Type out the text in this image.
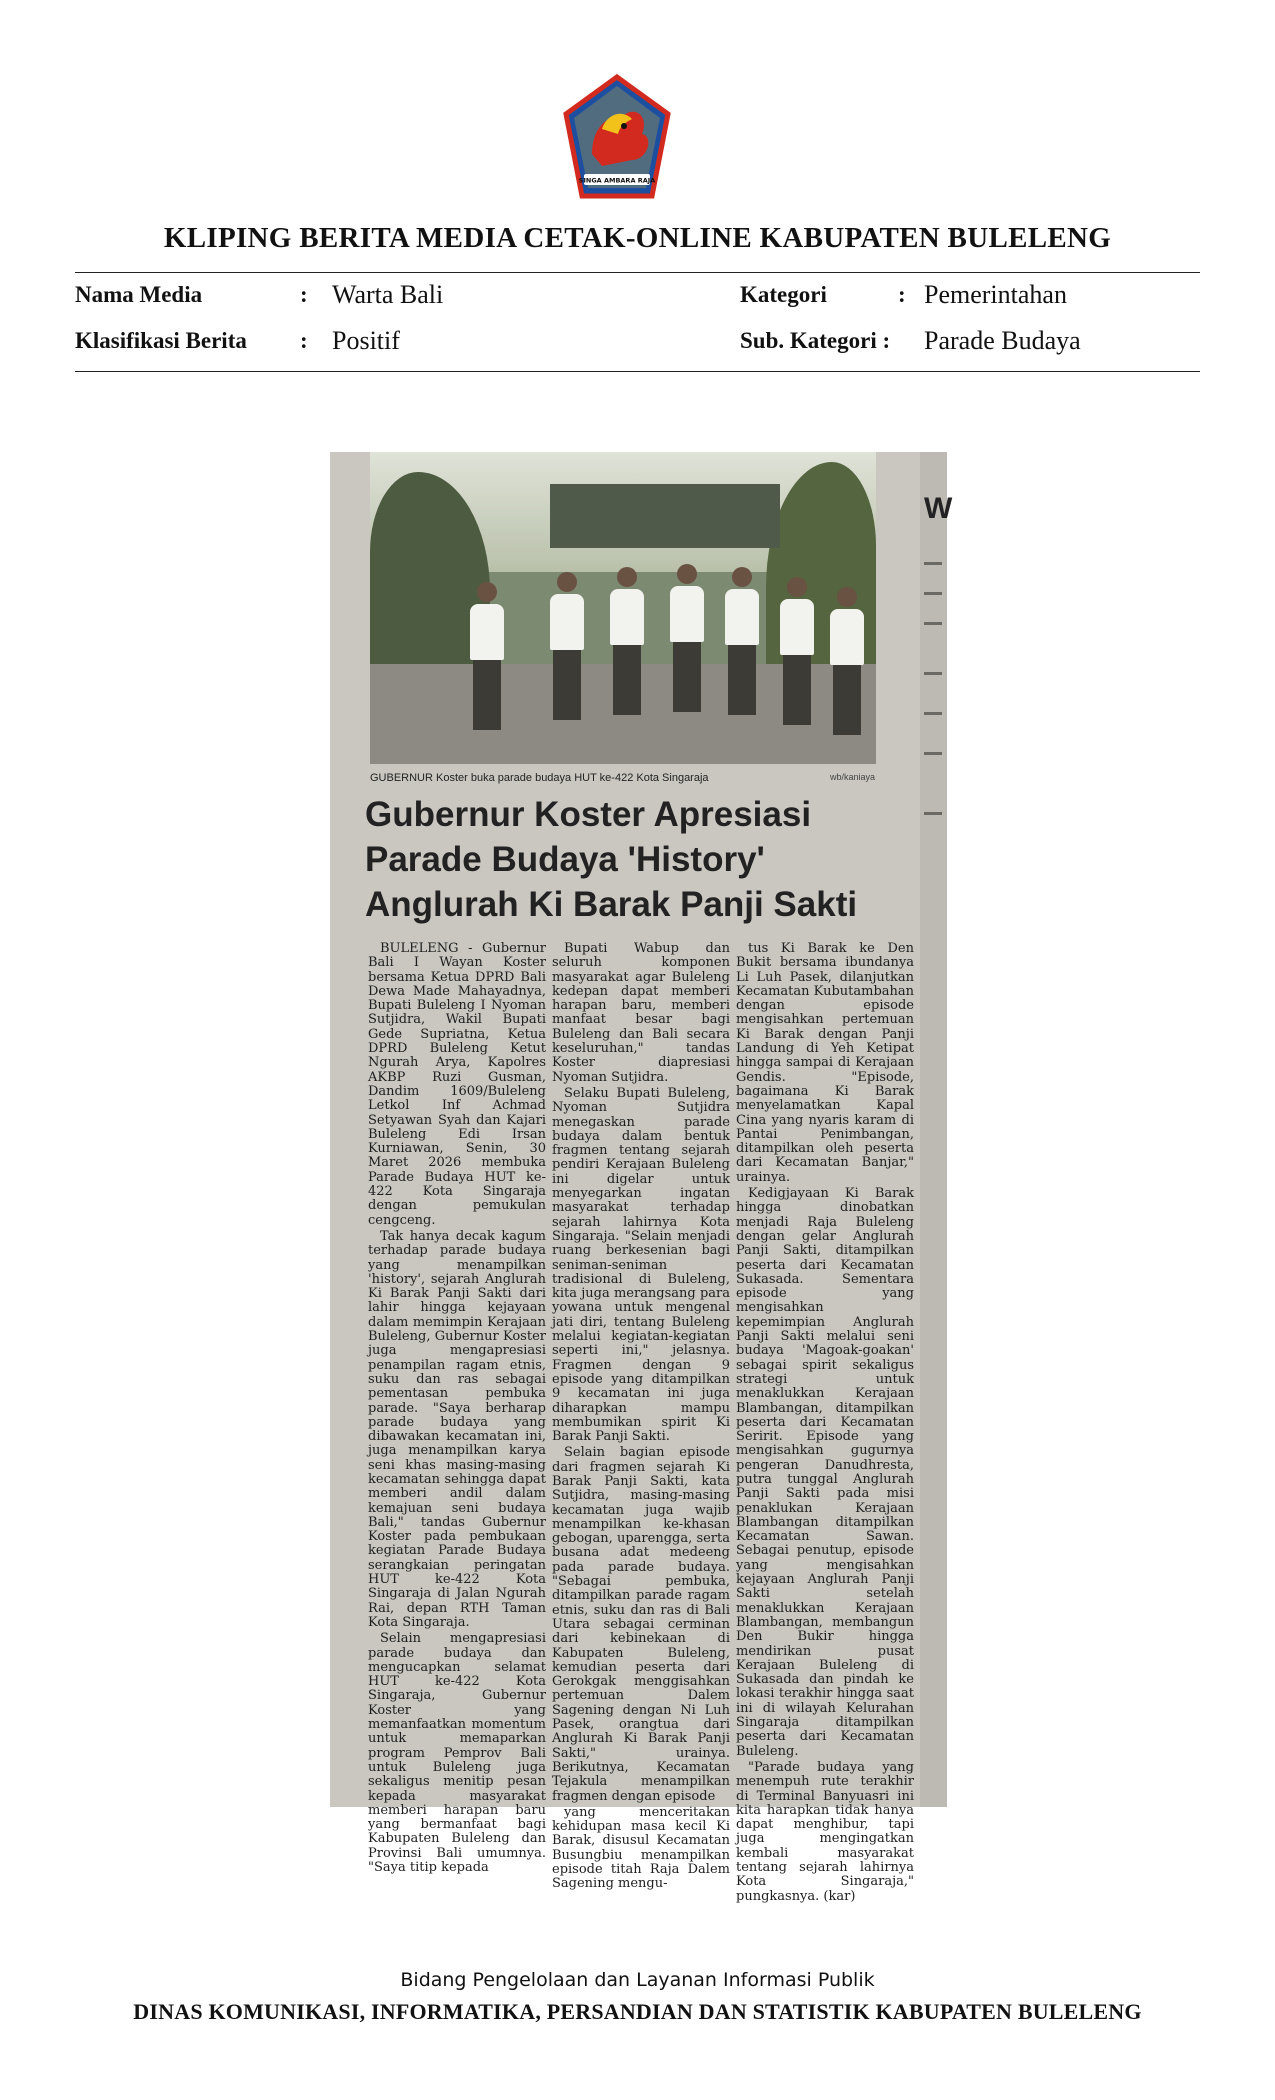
SINGA AMBARA RAJA
KLIPING BERITA MEDIA CETAK-ONLINE KABUPATEN BULELENG
Nama Media	: Warta Bali	Kategori	: Pemerintahan
Klasifikasi Berita : Positif	Sub. Kategori : Parade Budaya
GUBERNUR Koster buka parade budaya HUT ke-422 Kota Singaraja	wb/kaniaya
Gubernur Koster Apresiasi Parade Budaya 'History' Anglurah Ki Barak Panji Sakti

BULELENG - Gubernur Bali I Wayan Koster bersama Ketua DPRD Bali Dewa Made Mahayadnya, Bupati Buleleng I Nyoman Sutjidra, Wakil Bupati Gede Supriatna, Ketua DPRD Buleleng Ketut Ngurah Arya, Kapolres AKBP Ruzi Gusman, Dandim 1609/Buleleng Letkol Inf Achmad Setyawan Syah dan Kajari Buleleng Edi Irsan Kurniawan, Senin, 30 Maret 2026 membuka Parade Budaya HUT ke-422 Kota Singaraja dengan pemukulan cengceng.

Tak hanya decak kagum terhadap parade budaya yang menampilkan 'history', sejarah Anglurah Ki Barak Panji Sakti dari lahir hingga kejayaan dalam memimpin Kerajaan Buleleng, Gubernur Koster juga mengapresiasi penampilan ragam etnis, suku dan ras sebagai pementasan pembuka parade. "Saya berharap parade budaya yang dibawakan kecamatan ini, juga menampilkan karya seni khas masing-masing kecamatan sehingga dapat memberi andil dalam kemajuan seni budaya Bali," tandas Gubernur Koster pada pembukaan kegiatan Parade Budaya serangkaian peringatan HUT ke-422 Kota Singaraja di Jalan Ngurah Rai, depan RTH Taman Kota Singaraja.

Selain mengapresiasi parade budaya dan mengucapkan selamat HUT ke-422 Kota Singaraja, Gubernur Koster yang memanfaatkan momentum untuk memaparkan program Pemprov Bali untuk Buleleng juga sekaligus menitip pesan kepada masyarakat memberi harapan baru yang bermanfaat bagi Kabupaten Buleleng dan Provinsi Bali umumnya. "Saya titip kepada

Bupati Wabup dan seluruh komponen masyarakat agar Buleleng kedepan dapat memberi harapan baru, memberi manfaat besar bagi Buleleng dan Bali secara keseluruhan," tandas Koster diapresiasi Nyoman Sutjidra.

Selaku Bupati Buleleng, Nyoman Sutjidra menegaskan parade budaya dalam bentuk fragmen tentang sejarah pendiri Kerajaan Buleleng ini digelar untuk menyegarkan ingatan masyarakat terhadap sejarah lahirnya Kota Singaraja. "Selain menjadi ruang berkesenian bagi seniman-seniman tradisional di Buleleng, kita juga merangsang para yowana untuk mengenal jati diri, tentang Buleleng melalui kegiatan-kegiatan seperti ini," jelasnya. Fragmen dengan 9 episode yang ditampilkan 9 kecamatan ini juga diharapkan mampu membumikan spirit Ki Barak Panji Sakti.

Selain bagian episode dari fragmen sejarah Ki Barak Panji Sakti, kata Sutjidra, masing-masing kecamatan juga wajib menampilkan ke-khasan gebogan, uparengga, serta busana adat medeeng pada parade budaya. "Sebagai pembuka, ditampilkan parade ragam etnis, suku dan ras di Bali Utara sebagai cerminan dari kebinekaan di Kabupaten Buleleng, kemudian peserta dari Gerokgak menggisahkan pertemuan Dalem Sagening dengan Ni Luh Pasek, orangtua dari Anglurah Ki Barak Panji Sakti," urainya. Berikutnya, Kecamatan Tejakula menampilkan fragmen dengan episode

yang menceritakan kehidupan masa kecil Ki Barak, disusul Kecamatan Busungbiu menampilkan episode titah Raja Dalem Sagening mengu-

tus Ki Barak ke Den Bukit bersama ibundanya Li Luh Pasek, dilanjutkan Kecamatan Kubutambahan dengan episode mengisahkan pertemuan Ki Barak dengan Panji Landung di Yeh Ketipat hingga sampai di Kerajaan Gendis. "Episode, bagaimana Ki Barak menyelamatkan Kapal Cina yang nyaris karam di Pantai Penimbangan, ditampilkan oleh peserta dari Kecamatan Banjar," urainya.

Kedigjayaan Ki Barak hingga dinobatkan menjadi Raja Buleleng dengan gelar Anglurah Panji Sakti, ditampilkan peserta dari Kecamatan Sukasada. Sementara episode yang mengisahkan kepemimpian Anglurah Panji Sakti melalui seni budaya 'Magoak-goakan' sebagai spirit sekaligus strategi untuk menaklukkan Kerajaan Blambangan, ditampilkan peserta dari Kecamatan Seririt. Episode yang mengisahkan gugurnya pengeran Danudhresta, putra tunggal Anglurah Panji Sakti pada misi penaklukan Kerajaan Blambangan ditampilkan Kecamatan Sawan. Sebagai penutup, episode yang mengisahkan kejayaan Anglurah Panji Sakti setelah menaklukkan Kerajaan Blambangan, membangun Den Bukir hingga mendirikan pusat Kerajaan Buleleng di Sukasada dan pindah ke lokasi terakhir hingga saat ini di wilayah Kelurahan Singaraja ditampilkan peserta dari Kecamatan Buleleng.

"Parade budaya yang menempuh rute terakhir di Terminal Banyuasri ini kita harapkan tidak hanya dapat menghibur, tapi juga mengingatkan kembali masyarakat tentang sejarah lahirnya Kota Singaraja," pungkasnya. (kar)

W
Bidang Pengelolaan dan Layanan Informasi Publik
DINAS KOMUNIKASI, INFORMATIKA, PERSANDIAN DAN STATISTIK KABUPATEN BULELENG
